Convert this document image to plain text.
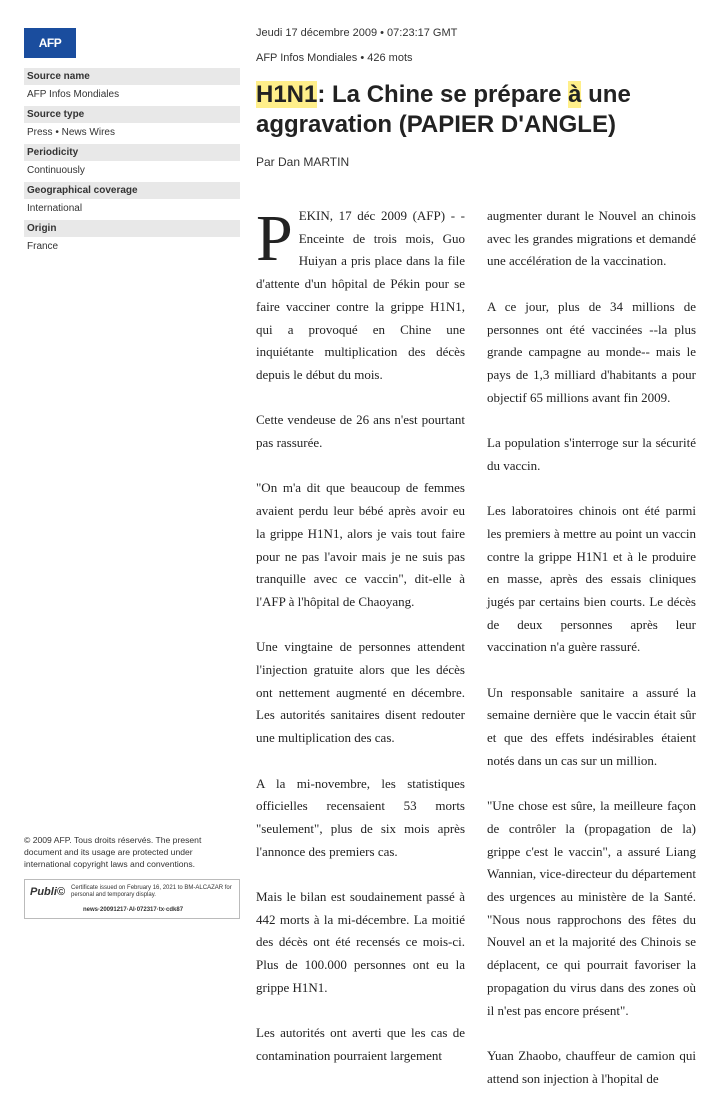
AFP
Source name
AFP Infos Mondiales
Source type
Press • News Wires
Periodicity
Continuously
Geographical coverage
International
Origin
France
© 2009 AFP. Tous droits réservés. The present document and its usage are protected under international copyright laws and conventions.
Publi© Certificate issued on February 16, 2021 to BM-ALCAZAR for personal and temporary display.
news·20091217·AI·072317·tx·cdk87
Jeudi 17 décembre 2009 • 07:23:17 GMT
AFP Infos Mondiales • 426 mots
H1N1: La Chine se prépare à une aggravation (PAPIER D'ANGLE)
Par Dan MARTIN

PEKIN, 17 déc 2009 (AFP) - - Enceinte de trois mois, Guo Huiyan a pris place dans la file d'attente d'un hôpital de Pékin pour se faire vacciner contre la grippe H1N1, qui a provoqué en Chine une inquiétante multiplication des décès depuis le début du mois.

Cette vendeuse de 26 ans n'est pourtant pas rassurée.

"On m'a dit que beaucoup de femmes avaient perdu leur bébé après avoir eu la grippe H1N1, alors je vais tout faire pour ne pas l'avoir mais je ne suis pas tranquille avec ce vaccin", dit-elle à l'AFP à l'hôpital de Chaoyang.

Une vingtaine de personnes attendent l'injection gratuite alors que les décès ont nettement augmenté en décembre. Les autorités sanitaires disent redouter une multiplication des cas.

A la mi-novembre, les statistiques officielles recensaient 53 morts "seulement", plus de six mois après l'annonce des premiers cas.

Mais le bilan est soudainement passé à 442 morts à la mi-décembre. La moitié des décès ont été recensés ce mois-ci. Plus de 100.000 personnes ont eu la grippe H1N1.

Les autorités ont averti que les cas de contamination pourraient largement

augmenter durant le Nouvel an chinois avec les grandes migrations et demandé une accélération de la vaccination.

A ce jour, plus de 34 millions de personnes ont été vaccinées --la plus grande campagne au monde-- mais le pays de 1,3 milliard d'habitants a pour objectif 65 millions avant fin 2009.

La population s'interroge sur la sécurité du vaccin.

Les laboratoires chinois ont été parmi les premiers à mettre au point un vaccin contre la grippe H1N1 et à le produire en masse, après des essais cliniques jugés par certains bien courts. Le décès de deux personnes après leur vaccination n'a guère rassuré.

Un responsable sanitaire a assuré la semaine dernière que le vaccin était sûr et que des effets indésirables étaient notés dans un cas sur un million.

"Une chose est sûre, la meilleure façon de contrôler la (propagation de la) grippe c'est le vaccin", a assuré Liang Wannian, vice-directeur du département des urgences au ministère de la Santé. "Nous nous rapprochons des fêtes du Nouvel an et la majorité des Chinois se déplacent, ce qui pourrait favoriser la propagation du virus dans des zones où il n'est pas encore présent".

Yuan Zhaobo, chauffeur de camion qui attend son injection à l'hopital de
